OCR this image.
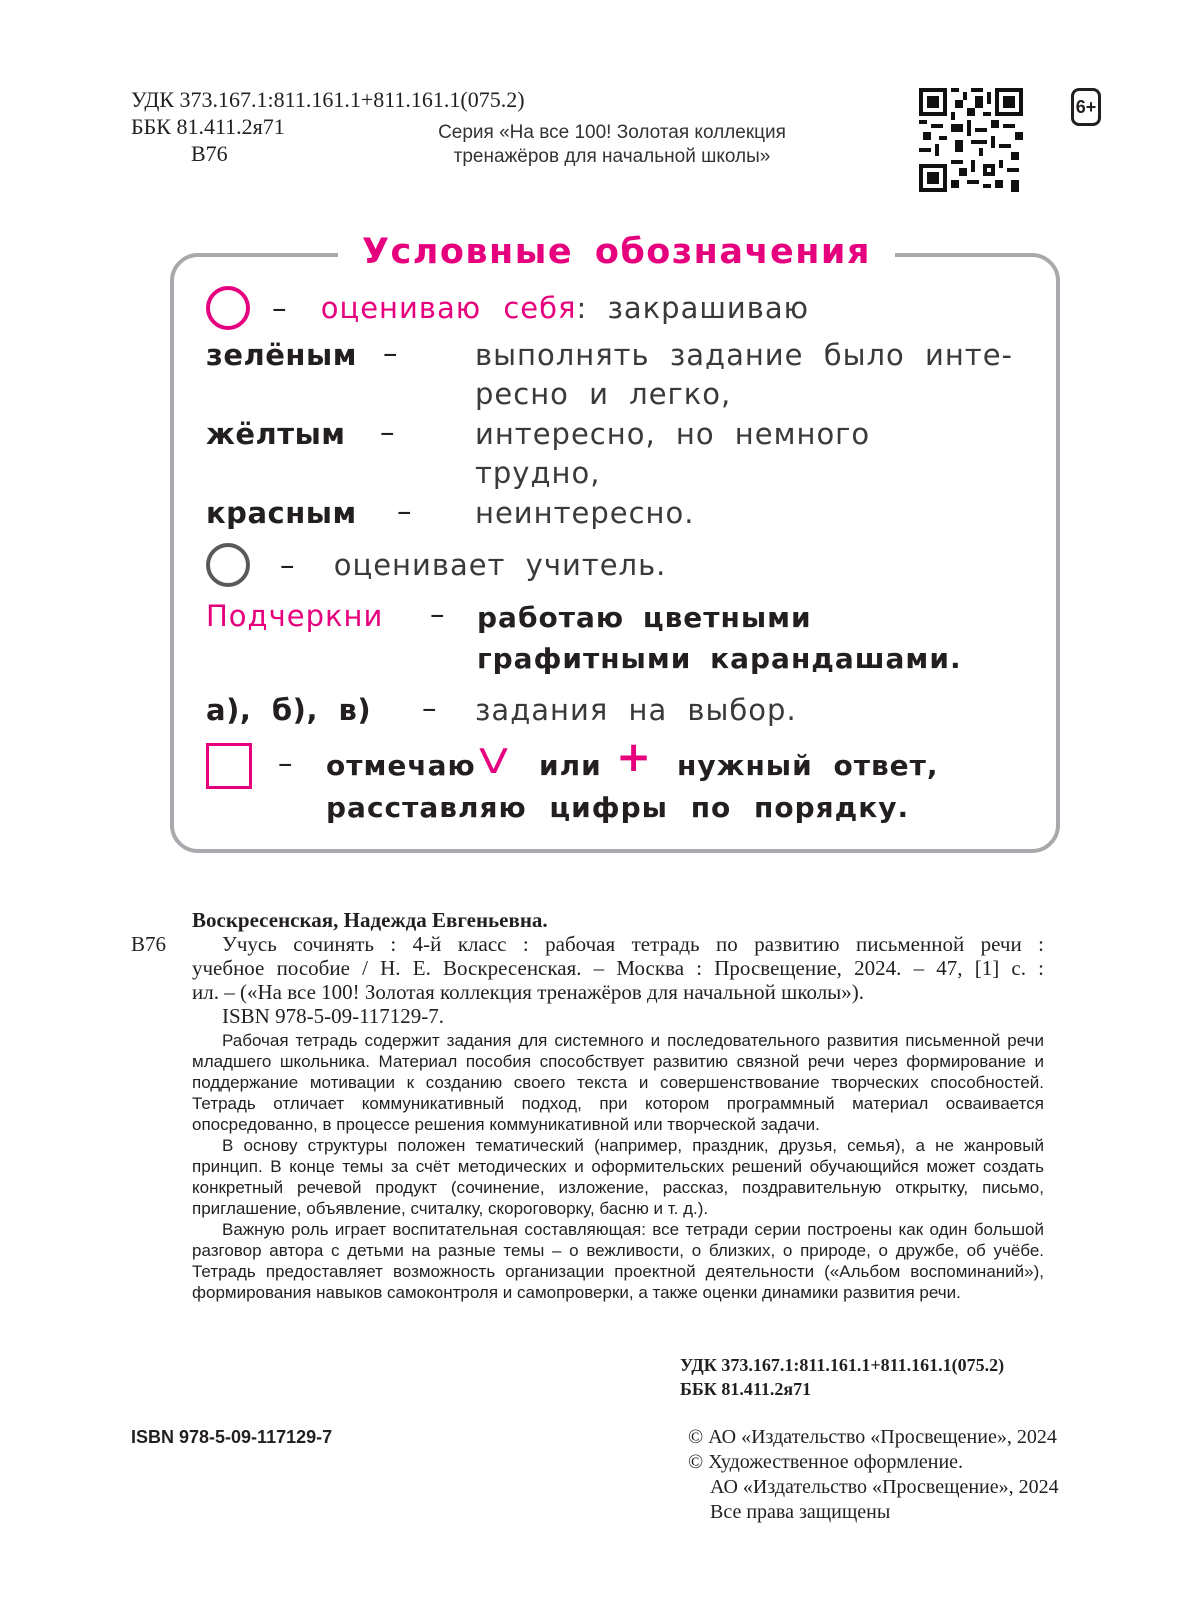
УДК 373.167.1:811.161.1+811.161.1(075.2)
ББК 81.411.2я71
В76
Серия «На все 100! Золотая коллекция
тренажёров для начальной школы»
6+
Условные обозначения
– оцениваю себя: закрашиваю
зелёным –	выполнять задание было инте-
ресно и легко,
жёлтым –	интересно, но немного
трудно,
красным – неинтересно.
– оценивает учитель.
Подчеркни – работаю цветными
графитными карандашами.
а), б), в) – задания на выбор.
– отмечаю V или + нужный ответ,
расставляю цифры по порядку.
Воскресенская, Надежда Евгеньевна.
В76	Учусь сочинять : 4-й класс : рабочая тетрадь по развитию письменной речи :
учебное пособие / Н. Е. Воскресенская. – Москва : Просвещение, 2024. – 47, [1] с. :
ил. – («На все 100! Золотая коллекция тренажёров для начальной школы»).
ISBN 978-5-09-117129-7.

Рабочая тетрадь содержит задания для системного и последовательного развития письменной речи младшего школьника. Материал пособия способствует развитию связной речи через формирование и поддержание мотивации к созданию своего текста и совершенствование творческих способностей. Тетрадь отличает коммуникативный подход, при котором программный материал осваивается опосредованно, в процессе решения коммуникативной или творческой задачи.

В основу структуры положен тематический (например, праздник, друзья, семья), а не жанровый принцип. В конце темы за счёт методических и оформительских решений обучающийся может создать конкретный речевой продукт (сочинение, изложение, рассказ, поздравительную открытку, письмо, приглашение, объявление, считалку, скороговорку, басню и т. д.).

Важную роль играет воспитательная составляющая: все тетради серии построены как один большой разговор автора с детьми на разные темы – о вежливости, о близких, о природе, о дружбе, об учёбе. Тетрадь предоставляет возможность организации проектной деятельности («Альбом воспоминаний»), формирования навыков самоконтроля и самопроверки, а также оценки динамики развития речи.

УДК 373.167.1:811.161.1+811.161.1(075.2)
ББК 81.411.2я71
ISBN 978-5-09-117129-7	© АО «Издательство «Просвещение», 2024
© Художественное оформление.
АО «Издательство «Просвещение», 2024
Все права защищены
